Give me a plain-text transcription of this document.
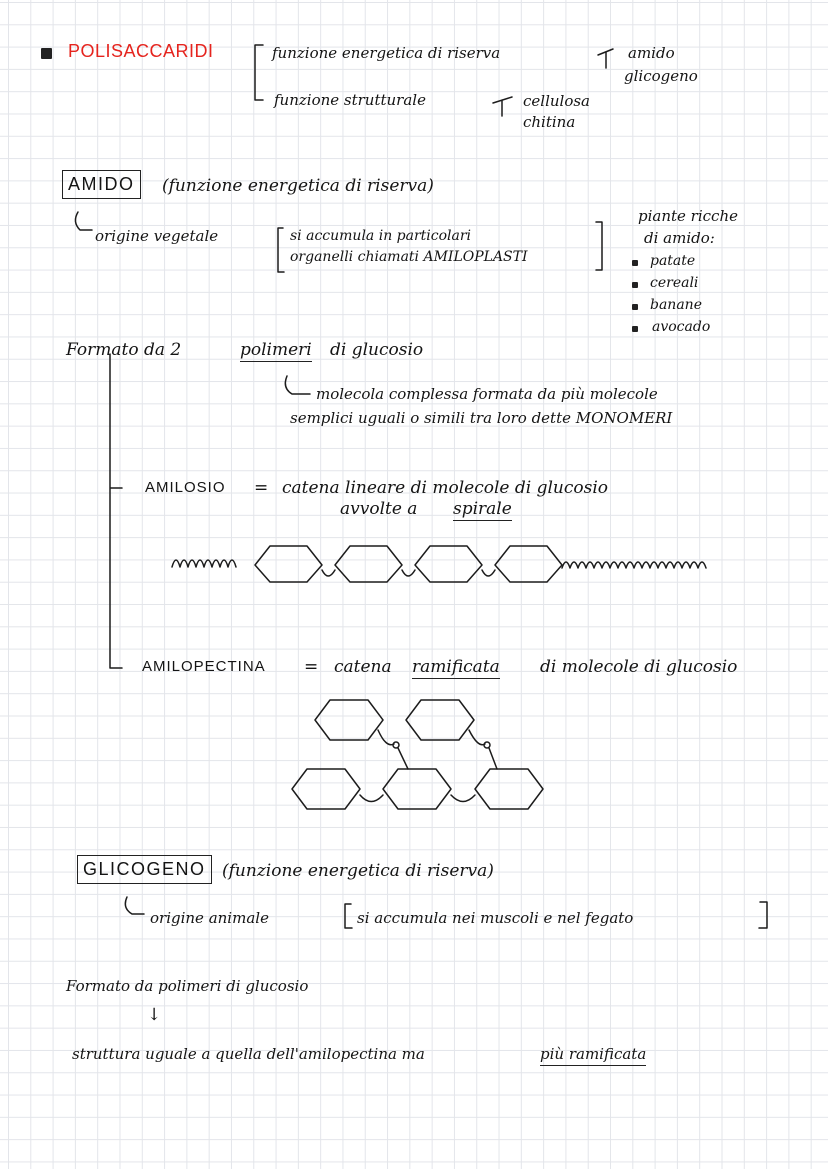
POLISACCARIDI	funzione energetica di riserva
funzione strutturale
amido
glicogeno
cellulosa
chitina
AMIDO	(funzione energetica di riserva)
origine vegetale	si accumula in particolari
organelli chiamati AMILOPLASTI
piante ricche
di amido:
patate
cereali
banane
avocado
Formato da 2	polimeri di glucosio
molecola complessa formata da più molecole
semplici uguali o simili tra loro dette MONOMERI
AMILOSIO = catena lineare di molecole di glucosio
avvolte a spirale
AMILOPECTINA = catena ramificata di molecole di glucosio
GLICOGENO (funzione energetica di riserva)
origine animale	si accumula nei muscoli e nel fegato
Formato da polimeri di glucosio
↓
struttura uguale a quella dell'amilopectina ma	più ramificata
